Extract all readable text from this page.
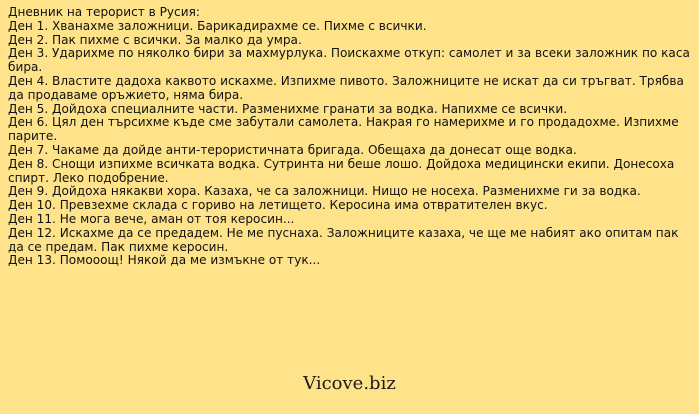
Дневник на терорист в Русия:
Ден 1. Хванахме заложници. Барикадирахме се. Пихме с всички.
Ден 2. Пак пихме с всички. За малко да умра.
Ден 3. Ударихме по няколко бири за махмурлука. Поискахме откуп: самолет и за всеки заложник по каса бира.
Ден 4. Властите дадоха каквото искахме. Изпихме пивото. Заложниците не искат да си тръгват. Трябва да продаваме оръжието, няма бира.
Ден 5. Дойдоха специалните части. Разменихме гранати за водка. Напихме се всички.
Ден 6. Цял ден търсихме къде сме забутали самолета. Накрая го намерихме и го продадохме. Изпихме парите.
Ден 7. Чакаме да дойде анти-терористичната бригада. Обещаха да донесат още водка.
Ден 8. Снощи изпихме всичката водка. Сутринта ни беше лошо. Дойдоха медицински екипи. Донесоха спирт. Леко подобрение.
Ден 9. Дойдоха някакви хора. Казаха, че са заложници. Нищо не носеха. Разменихме ги за водка.
Ден 10. Превзехме склада с гориво на летището. Керосина има отвратителен вкус.
Ден 11. Не мога вече, аман от тоя керосин...
Ден 12. Искахме да се предадем. Не ме пуснаха. Заложниците казаха, че ще ме набият ако опитам пак да се предам. Пак пихме керосин.
Ден 13. Помооощ! Някой да ме измъкне от тук...
Vicove.biz
